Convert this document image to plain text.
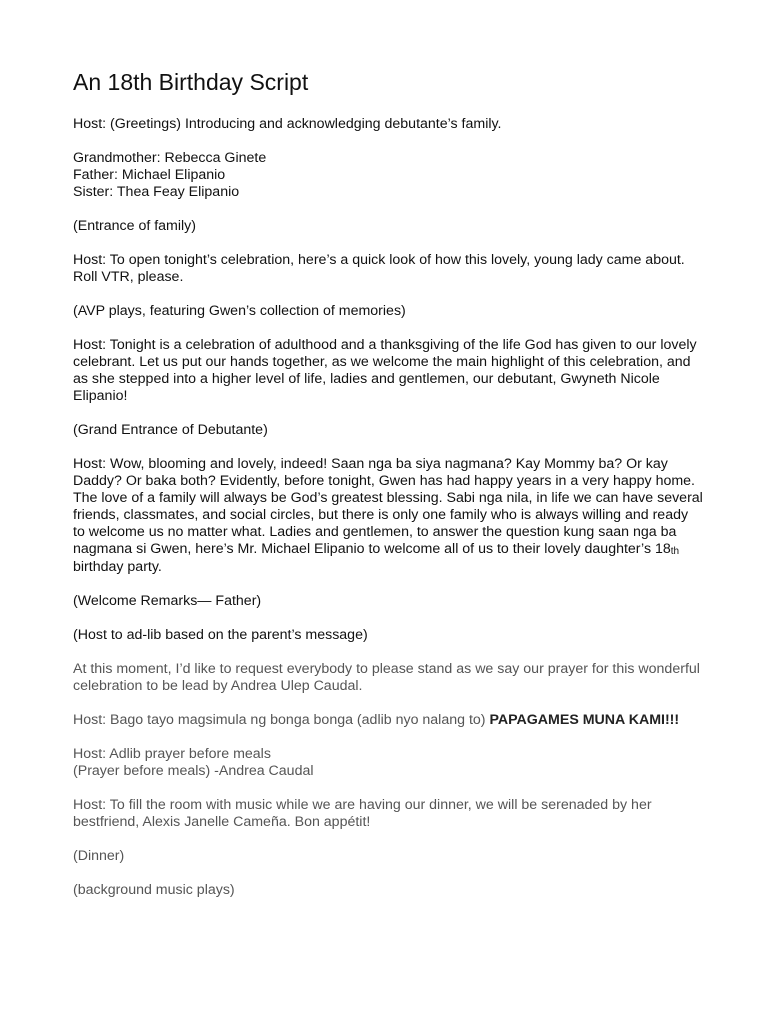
An 18th Birthday Script

Host: (Greetings) Introducing and acknowledging debutante’s family.

Grandmother: Rebecca Ginete
Father: Michael Elipanio
Sister: Thea Feay Elipanio

(Entrance of family)

Host: To open tonight’s celebration, here’s a quick look of how this lovely, young lady came about. Roll VTR, please.

(AVP plays, featuring Gwen’s collection of memories)

Host: Tonight is a celebration of adulthood and a thanksgiving of the life God has given to our lovely celebrant. Let us put our hands together, as we welcome the main highlight of this celebration, and as she stepped into a higher level of life, ladies and gentlemen, our debutant, Gwyneth Nicole Elipanio!

(Grand Entrance of Debutante)

Host: Wow, blooming and lovely, indeed! Saan nga ba siya nagmana? Kay Mommy ba? Or kay Daddy? Or baka both? Evidently, before tonight, Gwen has had happy years in a very happy home. The love of a family will always be God’s greatest blessing. Sabi nga nila, in life we can have several friends, classmates, and social circles, but there is only one family who is always willing and ready to welcome us no matter what. Ladies and gentlemen, to answer the question kung saan nga ba nagmana si Gwen, here’s Mr. Michael Elipanio to welcome all of us to their lovely daughter’s 18th birthday party.

(Welcome Remarks— Father)

(Host to ad-lib based on the parent’s message)

At this moment, I’d like to request everybody to please stand as we say our prayer for this wonderful celebration to be lead by Andrea Ulep Caudal.

Host: Bago tayo magsimula ng bonga bonga (adlib nyo nalang to) PAPAGAMES MUNA KAMI!!!

Host: Adlib prayer before meals
(Prayer before meals) -Andrea Caudal

Host: To fill the room with music while we are having our dinner, we will be serenaded by her bestfriend, Alexis Janelle Cameña. Bon appétit!

(Dinner)

(background music plays)
